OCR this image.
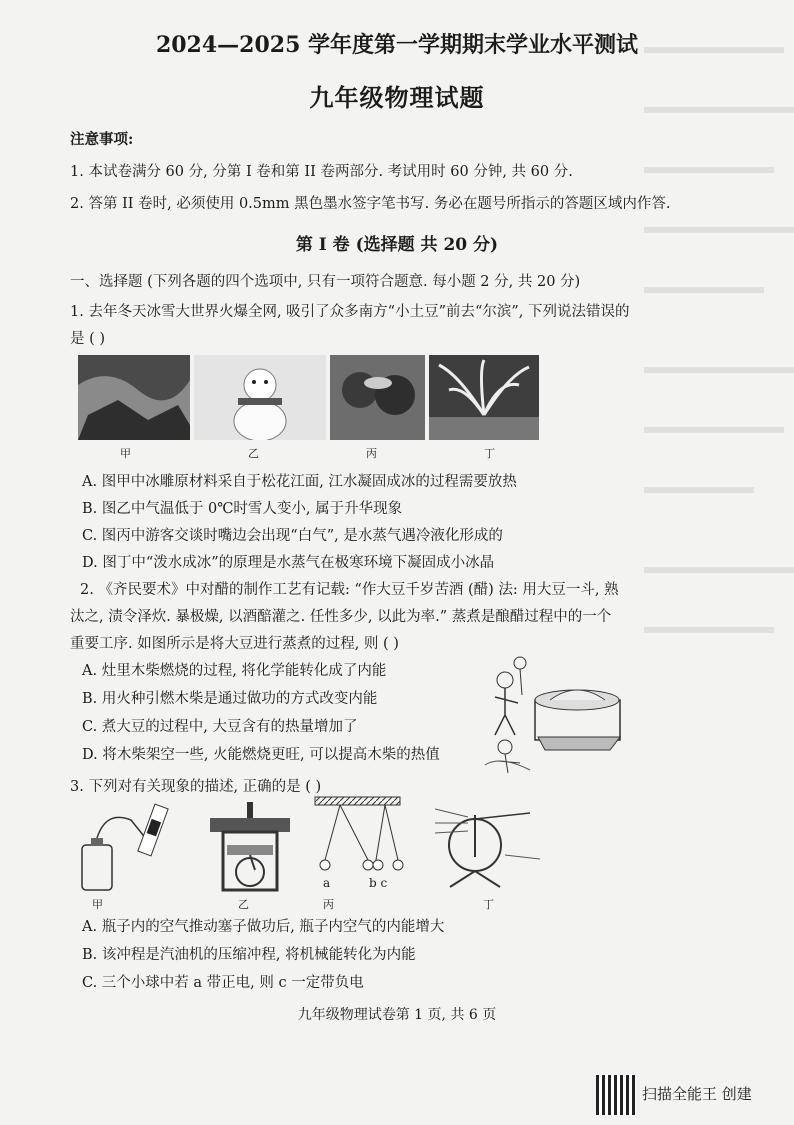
2024—2025 学年度第一学期期末学业水平测试
九年级物理试题
注意事项:
1. 本试卷满分 60 分, 分第 I 卷和第 II 卷两部分. 考试用时 60 分钟, 共 60 分.
2. 答第 II 卷时, 必须使用 0.5mm 黑色墨水签字笔书写. 务必在题号所指示的答题区域内作答.
第 I 卷 (选择题 共 20 分)
一、选择题 (下列各题的四个选项中, 只有一项符合题意. 每小题 2 分, 共 20 分)
1. 去年冬天冰雪大世界火爆全网, 吸引了众多南方“小土豆”前去“尔滨”, 下列说法错误的
是 ( )
甲	乙	丙	丁
A. 图甲中冰雕原材料采自于松花江面, 江水凝固成冰的过程需要放热
B. 图乙中气温低于 0℃时雪人变小, 属于升华现象
C. 图丙中游客交谈时嘴边会出现“白气”, 是水蒸气遇冷液化形成的
D. 图丁中“泼水成冰”的原理是水蒸气在极寒环境下凝固成小冰晶
2. 《齐民要术》中对醋的制作工艺有记载: “作大豆千岁苦酒 (醋) 法: 用大豆一斗, 熟
汰之, 渍令泽炊. 暴极燥, 以酒醅灌之. 任性多少, 以此为率.” 蒸煮是酿醋过程中的一个
重要工序. 如图所示是将大豆进行蒸煮的过程, 则 ( )
A. 灶里木柴燃烧的过程, 将化学能转化成了内能
B. 用火种引燃木柴是通过做功的方式改变内能
C. 煮大豆的过程中, 大豆含有的热量增加了
D. 将木柴架空一些, 火能燃烧更旺, 可以提高木柴的热值
3. 下列对有关现象的描述, 正确的是 ( )
甲	乙
a	b c
丙	丁
A. 瓶子内的空气推动塞子做功后, 瓶子内空气的内能增大
B. 该冲程是汽油机的压缩冲程, 将机械能转化为内能
C. 三个小球中若 a 带正电, 则 c 一定带负电
九年级物理试卷第 1 页, 共 6 页
扫描全能王 创建
